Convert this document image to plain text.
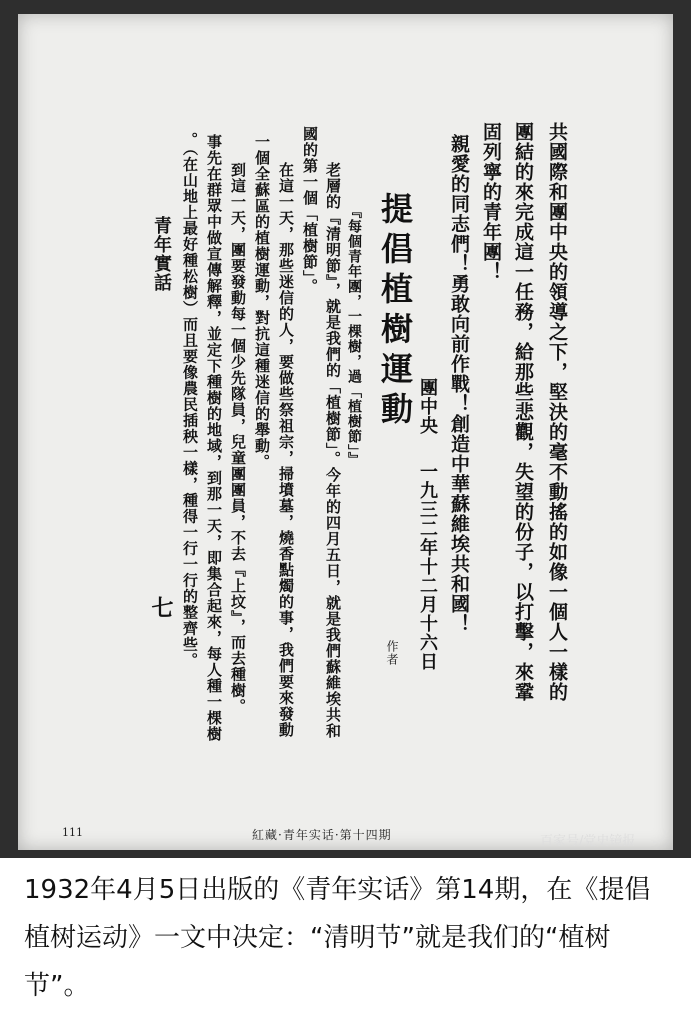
共國際和團中央的領導之下，堅決的毫不動搖的如像一個人一樣的
團結的來完成這一任務，給那些悲觀，失望的份子，以打擊，來鞏
固列寧的青年團！
親愛的同志們！勇敢向前作戰！創造中華蘇維埃共和國！
團中央
一九三二年十二月十六日
作者
提倡植樹運動
『每個青年團，一棵樹，過「植樹節」』
老層的『清明節』，就是我們的「植樹節」。今年的四月五日，就是我們蘇維埃共和
國的第一個「植樹節」。
在這一天，那些迷信的人，要做些祭祖宗，掃墳墓，燒香點燭的事，我們要來發動
一個全蘇區的植樹運動，對抗這種迷信的舉動。
到這一天，團要發動每一個少先隊員，兒童團團員，不去『上坟』，而去種樹。
事先在群眾中做宣傳解釋，並定下種樹的地域，到那一天，即集合起來，每人種一棵樹
。（在山地上最好種松樹）而且要像農民插秧一樣，種得一行一行的整齊些。
青年實話
七
111	紅藏·青年实话·第十四期	百家号/党史镜报
1932年4月5日出版的《青年实话》第14期，在《提倡植树运动》一文中决定：“清明节”就是我们的“植树节”。
